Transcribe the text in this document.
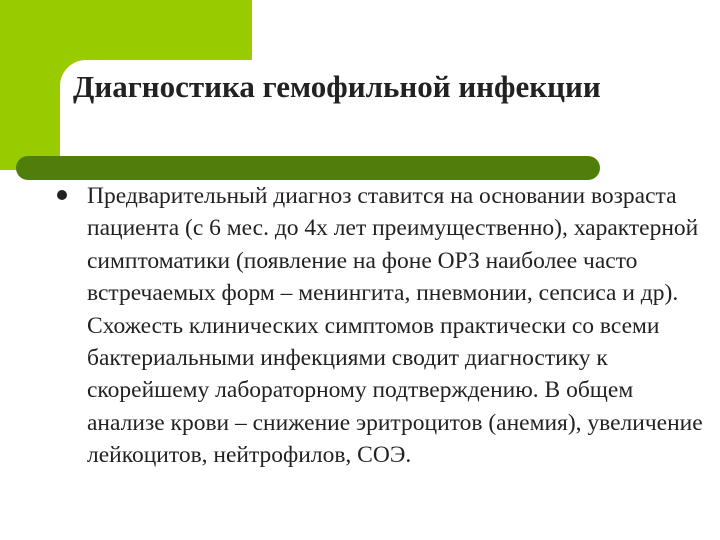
Диагностика гемофильной инфекции

Предварительный диагноз ставится на основании возраста пациента (с 6 мес. до 4х лет преимущественно), характерной симптоматики (появление на фоне ОРЗ наиболее часто встречаемых форм – менингита, пневмонии, сепсиса и др). Схожесть клинических симптомов практически со всеми бактериальными инфекциями сводит диагностику к скорейшему лабораторному подтверждению. В общем анализе крови – снижение эритроцитов (анемия), увеличение лейкоцитов, нейтрофилов, СОЭ.
